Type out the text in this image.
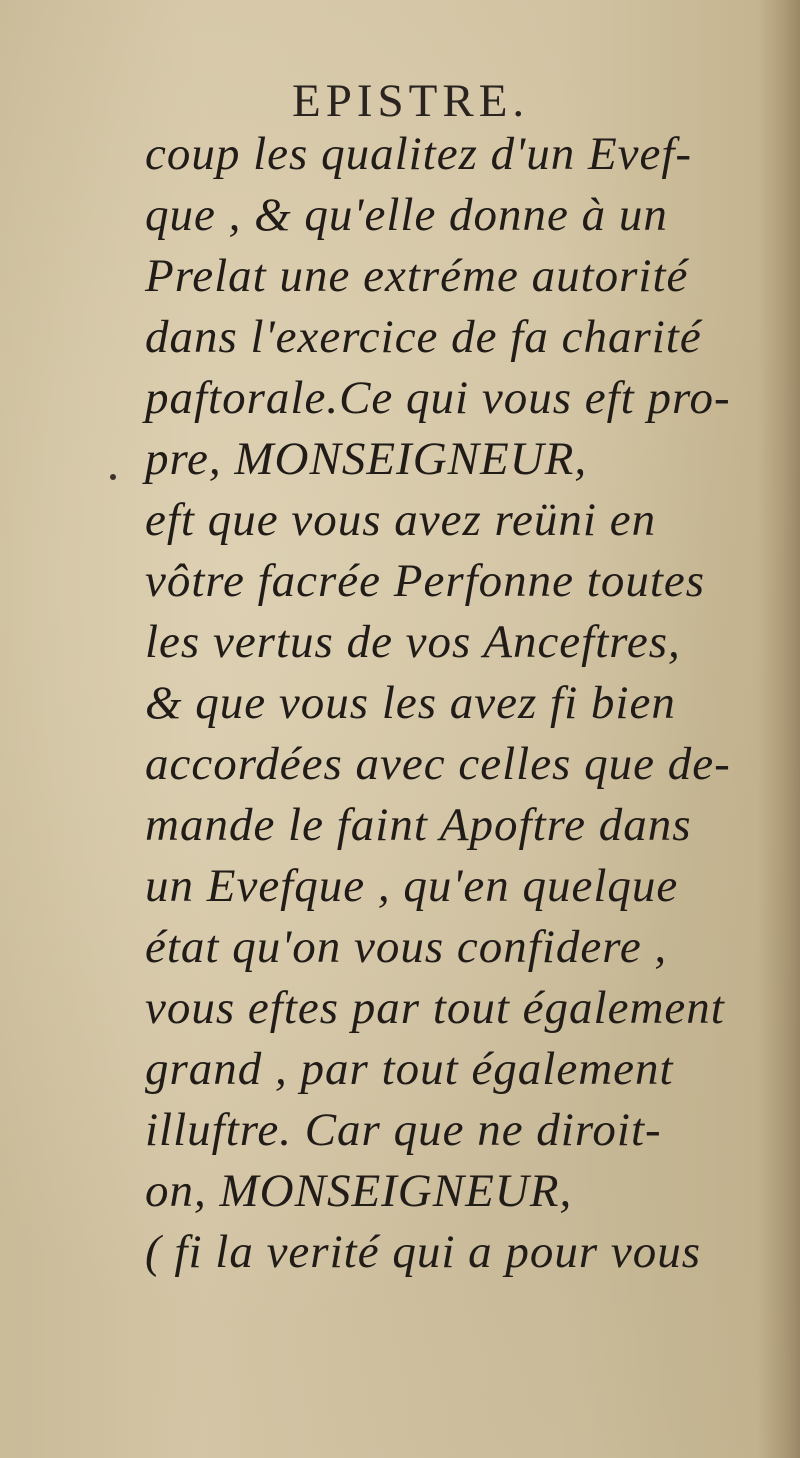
EPISTRE.
coup les qualitez d'un Evef-
que , & qu'elle donne à un
Prelat une extréme autorité
dans l'exercice de fa charité
paftorale.Ce qui vous eft pro-
pre, MONSEIGNEUR,
eft que vous avez reüni en
vôtre facrée Perfonne toutes
les vertus de vos Anceftres,
& que vous les avez fi bien
accordées avec celles que de-
mande le faint Apoftre dans
un Evefque , qu'en quelque
état qu'on vous confidere ,
vous eftes par tout également
grand , par tout également
illuftre. Car que ne diroit-
on, MONSEIGNEUR,
( fi la verité qui a pour vous
